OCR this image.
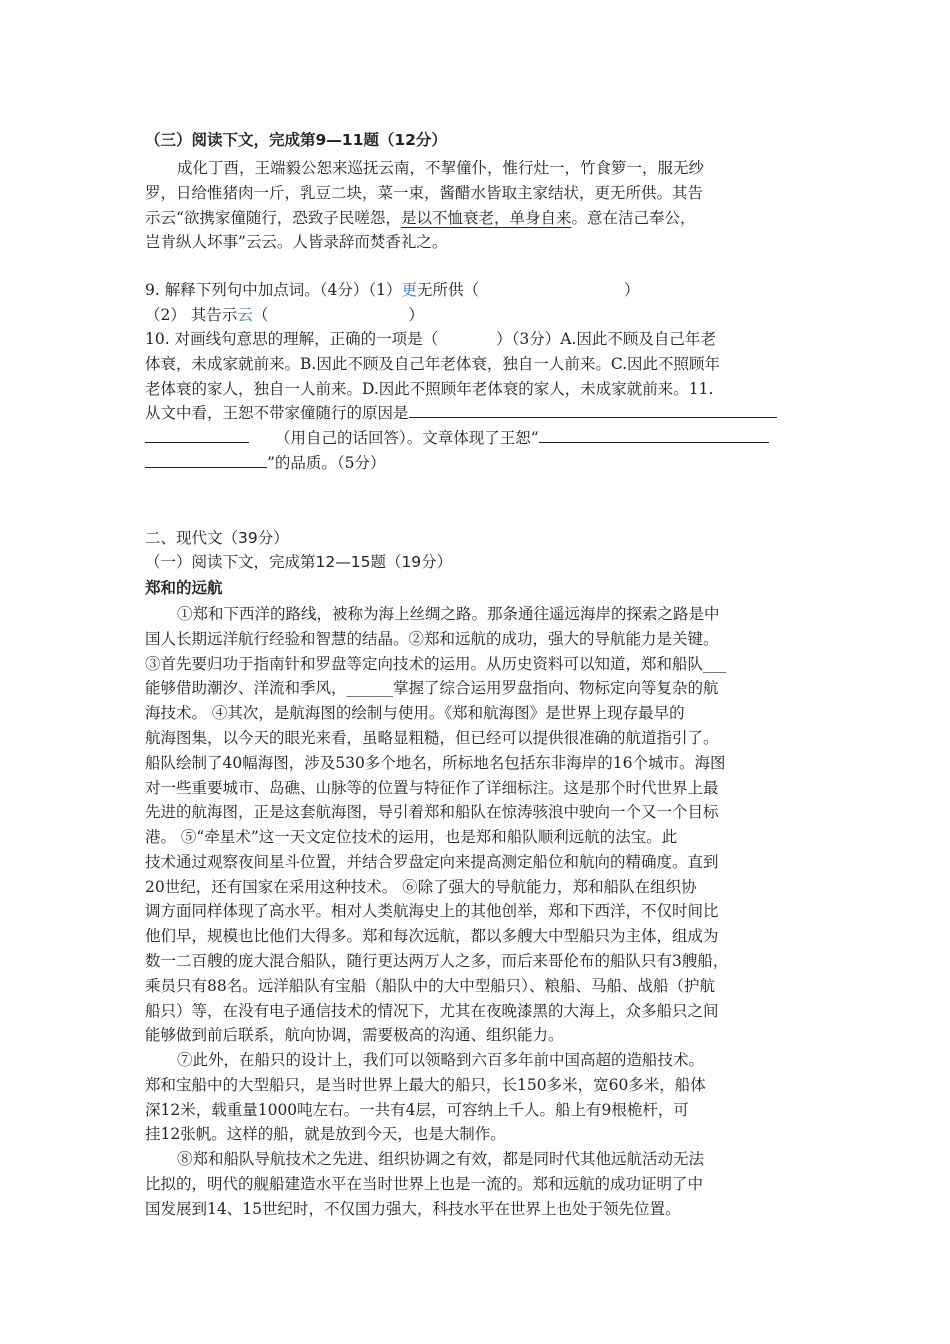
（三）阅读下文，完成第9—11题（12分）
成化丁酉，王端毅公恕来巡抚云南，不挈僮仆，惟行灶一，竹食箩一，服无纱
罗，日给惟猪肉一斤，乳豆二块，菜一束，酱醋水皆取主家结状，更无所供。其告
示云“欲携家僮随行，恐致子民嗟怨，是以不恤衰老，单身自来。意在洁己奉公，
岂肯纵人坏事”云云。人皆录辞而焚香礼之。
9. 解释下列句中加点词。（4分）（1）更无所供（	）
（2） 其告示云（	）
10. 对画线句意思的理解，正确的一项是（	）（3分）A.因此不顾及自己年老
体衰，未成家就前来。B.因此不顾及自己年老体衰，独自一人前来。C.因此不照顾年
老体衰的家人，独自一人前来。D.因此不照顾年老体衰的家人，未成家就前来。11.
从文中看，王恕不带家僮随行的原因是
（用自己的话回答）。文章体现了王恕“
”的品质。（5分）
二、现代文（39分）
（一）阅读下文，完成第12—15题（19分）
郑和的远航
①郑和下西洋的路线，被称为海上丝绸之路。那条通往遥远海岸的探索之路是中
国人长期远洋航行经验和智慧的结晶。②郑和远航的成功，强大的导航能力是关键。
③首先要归功于指南针和罗盘等定向技术的运用。从历史资料可以知道，郑和船队___
能够借助潮汐、洋流和季风，______掌握了综合运用罗盘指向、物标定向等复杂的航
海技术。 ④其次，是航海图的绘制与使用。《郑和航海图》是世界上现存最早的
航海图集，以今天的眼光来看，虽略显粗糙，但已经可以提供很准确的航道指引了。
船队绘制了40幅海图，涉及530多个地名，所标地名包括东非海岸的16个城市。海图
对一些重要城市、岛礁、山脉等的位置与特征作了详细标注。这是那个时代世界上最
先进的航海图，正是这套航海图，导引着郑和船队在惊涛骇浪中驶向一个又一个目标
港。 ⑤“牵星术”这一天文定位技术的运用，也是郑和船队顺利远航的法宝。此
技术通过观察夜间星斗位置，并结合罗盘定向来提高测定船位和航向的精确度。直到
20世纪，还有国家在采用这种技术。 ⑥除了强大的导航能力，郑和船队在组织协
调方面同样体现了高水平。相对人类航海史上的其他创举，郑和下西洋，不仅时间比
他们早，规模也比他们大得多。郑和每次远航，都以多艘大中型船只为主体，组成为
数一二百艘的庞大混合船队，随行更达两万人之多，而后来哥伦布的船队只有3艘船，
乘员只有88名。远洋船队有宝船（船队中的大中型船只）、粮船、马船、战船（护航
船只）等，在没有电子通信技术的情况下，尤其在夜晚漆黑的大海上，众多船只之间
能够做到前后联系，航向协调，需要极高的沟通、组织能力。
⑦此外，在船只的设计上，我们可以领略到六百多年前中国高超的造船技术。
郑和宝船中的大型船只，是当时世界上最大的船只，长150多米，宽60多米，船体
深12米，载重量1000吨左右。一共有4层，可容纳上千人。船上有9根桅杆，可
挂12张帆。这样的船，就是放到今天，也是大制作。
⑧郑和船队导航技术之先进、组织协调之有效，都是同时代其他远航活动无法
比拟的，明代的舰船建造水平在当时世界上也是一流的。郑和远航的成功证明了中
国发展到14、15世纪时，不仅国力强大，科技水平在世界上也处于领先位置。
